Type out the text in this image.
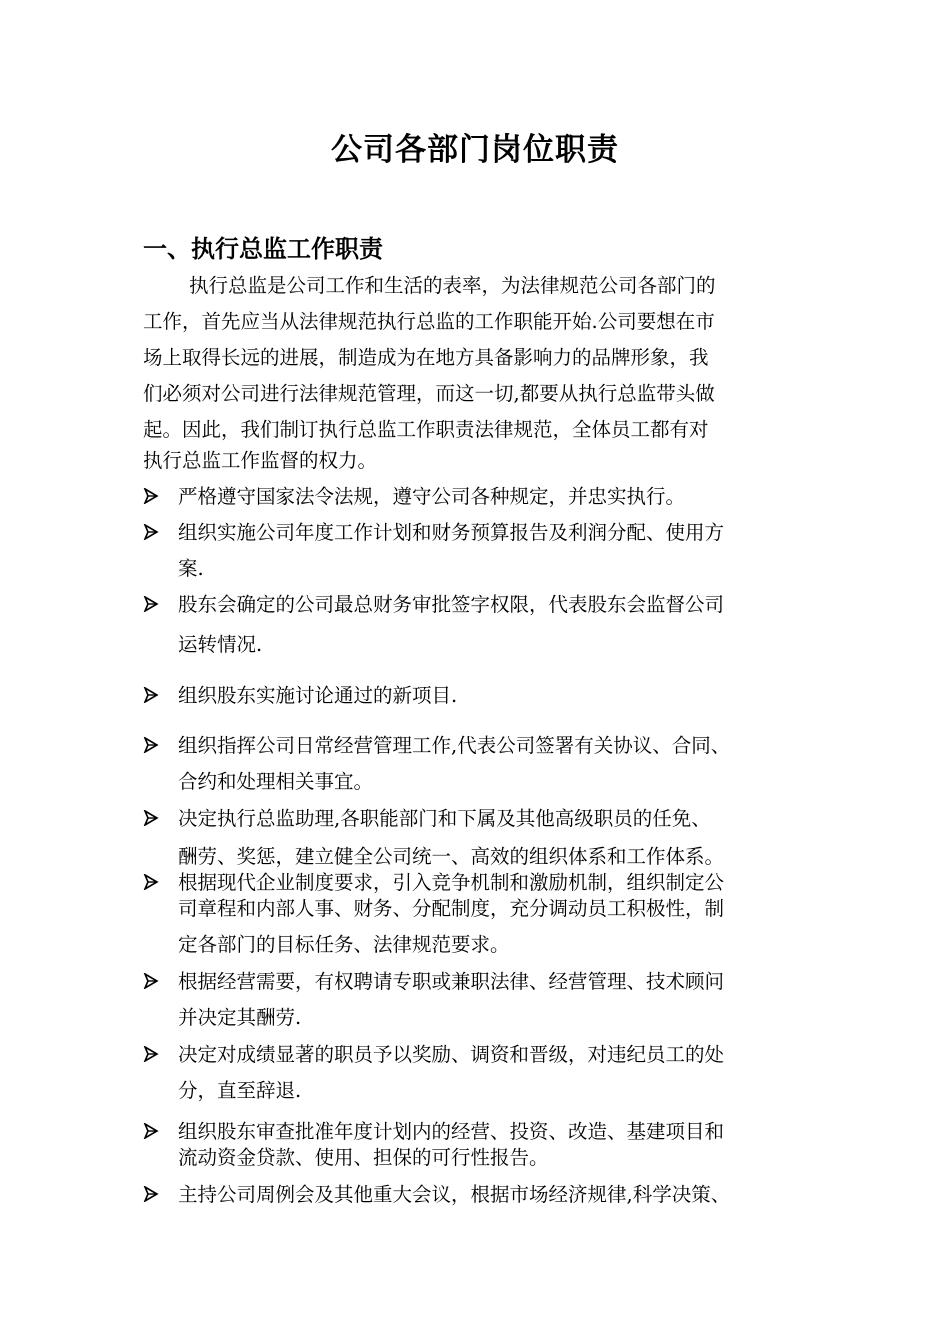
公司各部门岗位职责
一、执行总监工作职责
执行总监是公司工作和生活的表率，为法律规范公司各部门的
工作，首先应当从法律规范执行总监的工作职能开始.公司要想在市
场上取得长远的进展，制造成为在地方具备影响力的品牌形象，我
们必须对公司进行法律规范管理，而这一切,都要从执行总监带头做
起。因此，我们制订执行总监工作职责法律规范，全体员工都有对
执行总监工作监督的权力。
严格遵守国家法令法规，遵守公司各种规定，并忠实执行。
组织实施公司年度工作计划和财务预算报告及利润分配、使用方
案.
股东会确定的公司最总财务审批签字权限，代表股东会监督公司
运转情况.
组织股东实施讨论通过的新项目.
组织指挥公司日常经营管理工作,代表公司签署有关协议、合同、
合约和处理相关事宜。
决定执行总监助理,各职能部门和下属及其他高级职员的任免、
酬劳、奖惩，建立健全公司统一、高效的组织体系和工作体系。
根据现代企业制度要求，引入竞争机制和激励机制，组织制定公
司章程和内部人事、财务、分配制度，充分调动员工积极性，制
定各部门的目标任务、法律规范要求。
根据经营需要，有权聘请专职或兼职法律、经营管理、技术顾问
并决定其酬劳.
决定对成绩显著的职员予以奖励、调资和晋级，对违纪员工的处
分，直至辞退.
组织股东审查批准年度计划内的经营、投资、改造、基建项目和
流动资金贷款、使用、担保的可行性报告。
主持公司周例会及其他重大会议，根据市场经济规律,科学决策、
